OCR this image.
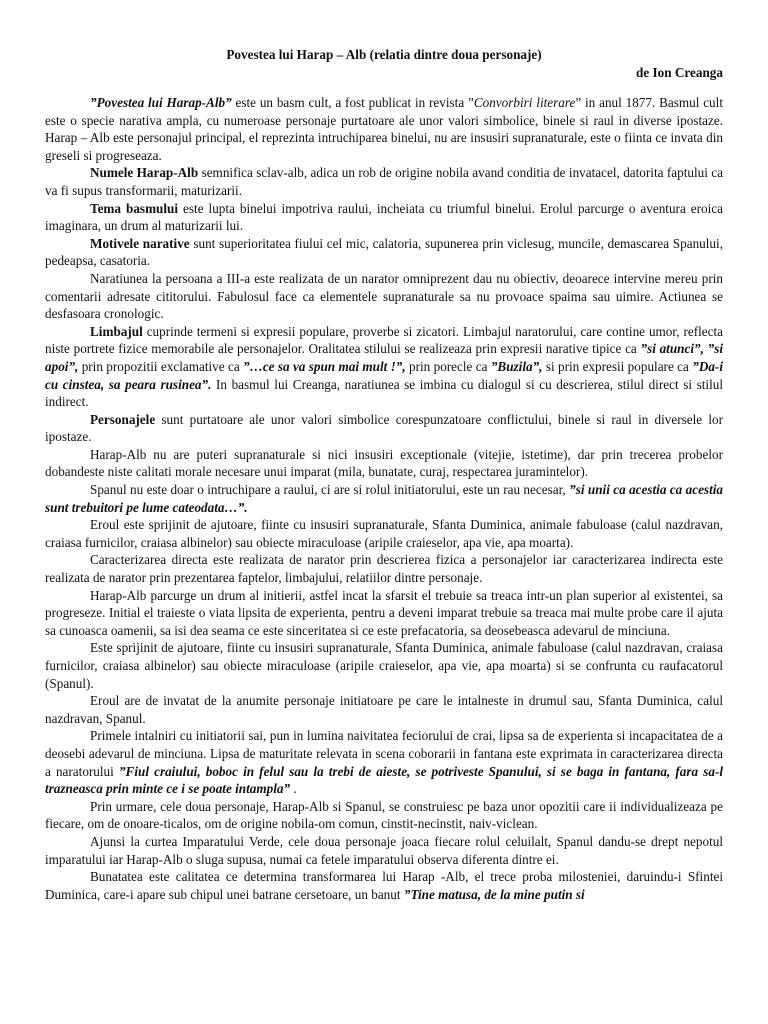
Povestea lui Harap – Alb (relatia dintre doua personaje)

de Ion Creanga

”Povestea lui Harap-Alb” este un basm cult, a fost publicat in revista ”Convorbiri literare” in anul 1877. Basmul cult este o specie narativa ampla, cu numeroase personaje purtatoare ale unor valori simbolice, binele si raul in diverse ipostaze. Harap – Alb este personajul principal, el reprezinta intruchiparea binelui, nu are insusiri supranaturale, este o fiinta ce invata din greseli si progreseaza.

Numele Harap-Alb semnifica sclav-alb, adica un rob de origine nobila avand conditia de invatacel, datorita faptului ca va fi supus transformarii, maturizarii.

Tema basmului este lupta binelui impotriva raului, incheiata cu triumful binelui. Erolul parcurge o aventura eroica imaginara, un drum al maturizarii lui.

Motivele narative sunt superioritatea fiului cel mic, calatoria, supunerea prin viclesug, muncile, demascarea Spanului, pedeapsa, casatoria.

Naratiunea la persoana a III-a este realizata de un narator omniprezent dau nu obiectiv, deoarece intervine mereu prin comentarii adresate cititorului. Fabulosul face ca elementele supranaturale sa nu provoace spaima sau uimire. Actiunea se desfasoara cronologic.

Limbajul cuprinde termeni si expresii populare, proverbe si zicatori. Limbajul naratorului, care contine umor, reflecta niste portrete fizice memorabile ale personajelor. Oralitatea stilului se realizeaza prin expresii narative tipice ca ”si atunci”, ”si apoi”, prin propozitii exclamative ca ”…ce sa va spun mai mult !”, prin porecle ca ”Buzila”, si prin expresii populare ca ”Da-i cu cinstea, sa peara rusinea”. In basmul lui Creanga, naratiunea se imbina cu dialogul si cu descrierea, stilul direct si stilul indirect.

Personajele sunt purtatoare ale unor valori simbolice corespunzatoare conflictului, binele si raul in diversele lor ipostaze.

Harap-Alb nu are puteri supranaturale si nici insusiri exceptionale (vitejie, istetime), dar prin trecerea probelor dobandeste niste calitati morale necesare unui imparat (mila, bunatate, curaj, respectarea juramintelor).

Spanul nu este doar o intruchipare a raului, ci are si rolul initiatorului, este un rau necesar, ”si unii ca acestia ca acestia sunt trebuitori pe lume cateodata…”.

Eroul este sprijinit de ajutoare, fiinte cu insusiri supranaturale, Sfanta Duminica, animale fabuloase (calul nazdravan, craiasa furnicilor, craiasa albinelor) sau obiecte miraculoase (aripile craieselor, apa vie, apa moarta).

Caracterizarea directa este realizata de narator prin descrierea fizica a personajelor iar caracterizarea indirecta este realizata de narator prin prezentarea faptelor, limbajului, relatiilor dintre personaje.

Harap-Alb parcurge un drum al initierii, astfel incat la sfarsit el trebuie sa treaca intr-un plan superior al existentei, sa progreseze. Initial el traieste o viata lipsita de experienta, pentru a deveni imparat trebuie sa treaca mai multe probe care il ajuta sa cunoasca oamenii, sa isi dea seama ce este sinceritatea si ce este prefacatoria, sa deosebeasca adevarul de minciuna.

Este sprijinit de ajutoare, fiinte cu insusiri supranaturale, Sfanta Duminica, animale fabuloase (calul nazdravan, craiasa furnicilor, craiasa albinelor) sau obiecte miraculoase (aripile craieselor, apa vie, apa moarta) si se confrunta cu raufacatorul (Spanul).

Eroul are de invatat de la anumite personaje initiatoare pe care le intalneste in drumul sau, Sfanta Duminica, calul nazdravan, Spanul.

Primele intalniri cu initiatorii sai, pun in lumina naivitatea feciorului de crai, lipsa sa de experienta si incapacitatea de a deosebi adevarul de minciuna. Lipsa de maturitate relevata in scena coborarii in fantana este exprimata in caracterizarea directa a naratorului ”Fiul craiului, boboc in felul sau la trebi de aieste, se potriveste Spanului, si se baga in fantana, fara sa-l trazneasca prin minte ce i se poate intampla” .

Prin urmare, cele doua personaje, Harap-Alb si Spanul, se construiesc pe baza unor opozitii care ii individualizeaza pe fiecare, om de onoare-ticalos, om de origine nobila-om comun, cinstit-necinstit, naiv-viclean.

Ajunsi la curtea Imparatului Verde, cele doua personaje joaca fiecare rolul celuilalt, Spanul dandu-se drept nepotul imparatului iar Harap-Alb o sluga supusa, numai ca fetele imparatului observa diferenta dintre ei.

Bunatatea este calitatea ce determina transformarea lui Harap -Alb, el trece proba milosteniei, daruindu-i Sfintei Duminica, care-i apare sub chipul unei batrane cersetoare, un banut ”Tine matusa, de la mine putin si
